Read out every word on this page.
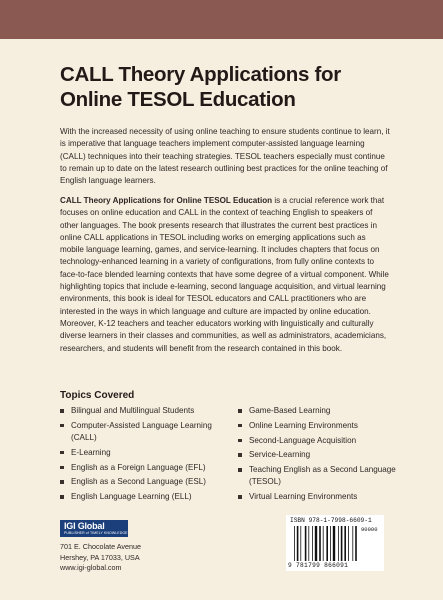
CALL Theory Applications for
Online TESOL Education

With the increased necessity of using online teaching to ensure students continue to learn, it is imperative that language teachers implement computer-assisted language learning (CALL) techniques into their teaching strategies. TESOL teachers especially must continue to remain up to date on the latest research outlining best practices for the online teaching of English language learners.

CALL Theory Applications for Online TESOL Education is a crucial reference work that focuses on online education and CALL in the context of teaching English to speakers of other languages. The book presents research that illustrates the current best practices in online CALL applications in TESOL including works on emerging applications such as mobile language learning, games, and service-learning. It includes chapters that focus on technology-enhanced learning in a variety of configurations, from fully online contexts to face-to-face blended learning contexts that have some degree of a virtual component. While highlighting topics that include e-learning, second language acquisition, and virtual learning environments, this book is ideal for TESOL educators and CALL practitioners who are interested in the ways in which language and culture are impacted by online education. Moreover, K-12 teachers and teacher educators working with linguistically and culturally diverse learners in their classes and communities, as well as administrators, academicians, researchers, and students will benefit from the research contained in this book.

Topics Covered
Bilingual and Multilingual Students
Computer-Assisted Language Learning (CALL)
E-Learning
English as a Foreign Language (EFL)
English as a Second Language (ESL)
English Language Learning (ELL)
Game-Based Learning
Online Learning Environments
Second-Language Acquisition
Service-Learning
Teaching English as a Second Language (TESOL)
Virtual Learning Environments
IGI Global
PUBLISHER of TIMELY KNOWLEDGE
701 E. Chocolate Avenue
Hershey, PA 17033, USA
www.igi-global.com
ISBN 978-1-7998-6609-1
90000
9 781799 866091
